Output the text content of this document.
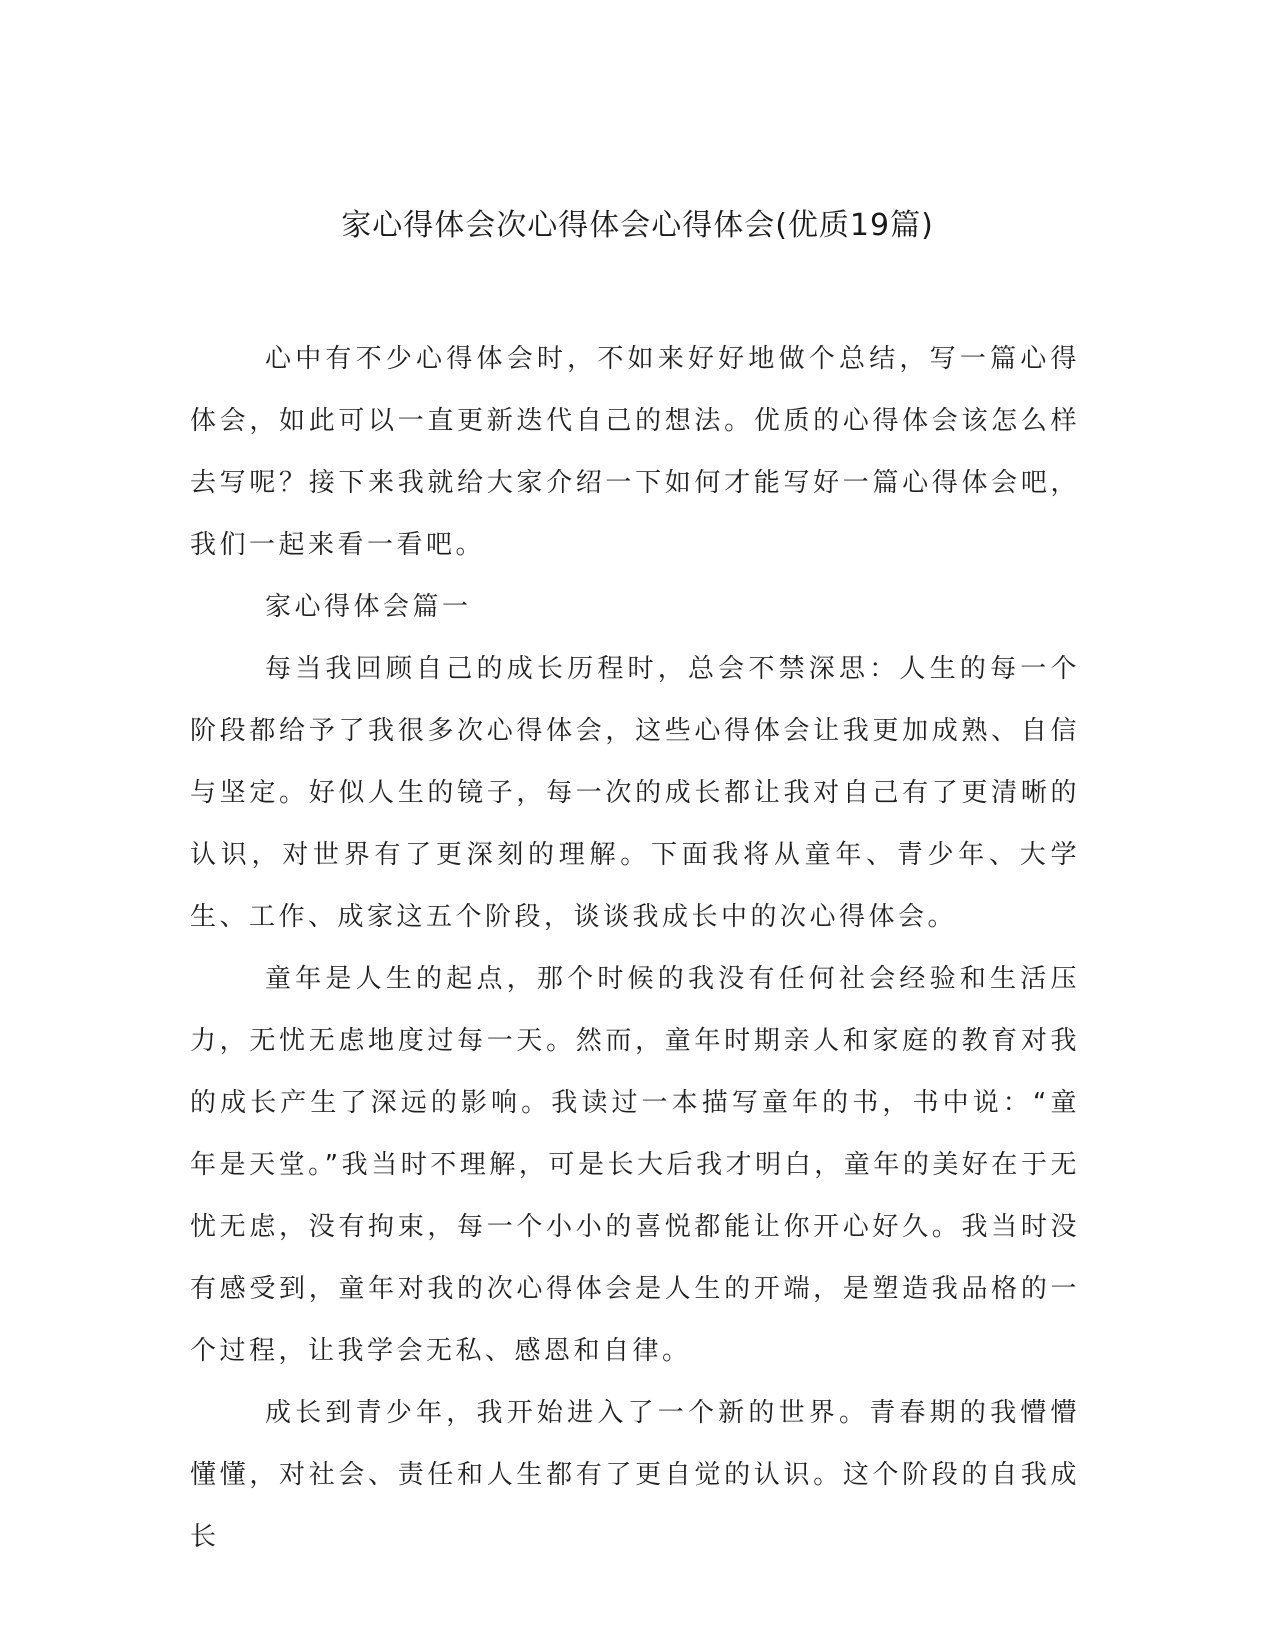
家心得体会次心得体会心得体会(优质19篇)

心中有不少心得体会时，不如来好好地做个总结，写一篇心得体会，如此可以一直更新迭代自己的想法。优质的心得体会该怎么样去写呢？接下来我就给大家介绍一下如何才能写好一篇心得体会吧，我们一起来看一看吧。

家心得体会篇一

每当我回顾自己的成长历程时，总会不禁深思：人生的每一个阶段都给予了我很多次心得体会，这些心得体会让我更加成熟、自信与坚定。好似人生的镜子，每一次的成长都让我对自己有了更清晰的认识，对世界有了更深刻的理解。下面我将从童年、青少年、大学生、工作、成家这五个阶段，谈谈我成长中的次心得体会。

童年是人生的起点，那个时候的我没有任何社会经验和生活压力，无忧无虑地度过每一天。然而，童年时期亲人和家庭的教育对我的成长产生了深远的影响。我读过一本描写童年的书，书中说：“童年是天堂。”我当时不理解，可是长大后我才明白，童年的美好在于无忧无虑，没有拘束，每一个小小的喜悦都能让你开心好久。我当时没有感受到，童年对我的次心得体会是人生的开端，是塑造我品格的一个过程，让我学会无私、感恩和自律。

成长到青少年，我开始进入了一个新的世界。青春期的我懵懵懂懂，对社会、责任和人生都有了更自觉的认识。这个阶段的自我成长
